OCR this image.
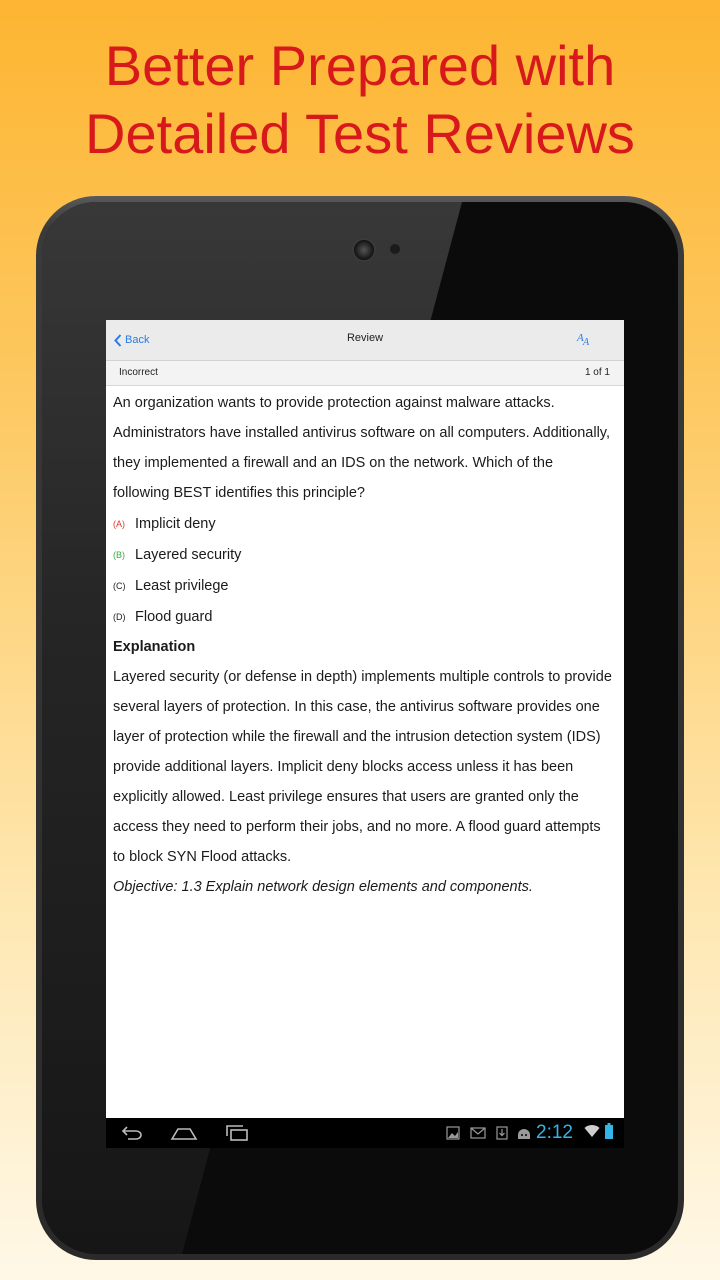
Better Prepared with
Detailed Test Reviews
Back	Review	A A
Incorrect	1 of 1

An organization wants to provide protection against malware attacks. Administrators have installed antivirus software on all computers. Additionally, they implemented a firewall and an IDS on the network. Which of the following BEST identifies this principle?

(A) Implicit deny
(B) Layered security
(C) Least privilege
(D) Flood guard
Explanation
Layered security (or defense in depth) implements multiple controls to provide several layers of protection. In this case, the antivirus software provides one layer of protection while the firewall and the intrusion detection system (IDS) provide additional layers. Implicit deny blocks access unless it has been explicitly allowed. Least privilege ensures that users are granted only the access they need to perform their jobs, and no more. A flood guard attempts to block SYN Flood attacks.
Objective: 1.3 Explain network design elements and components.
2:12
